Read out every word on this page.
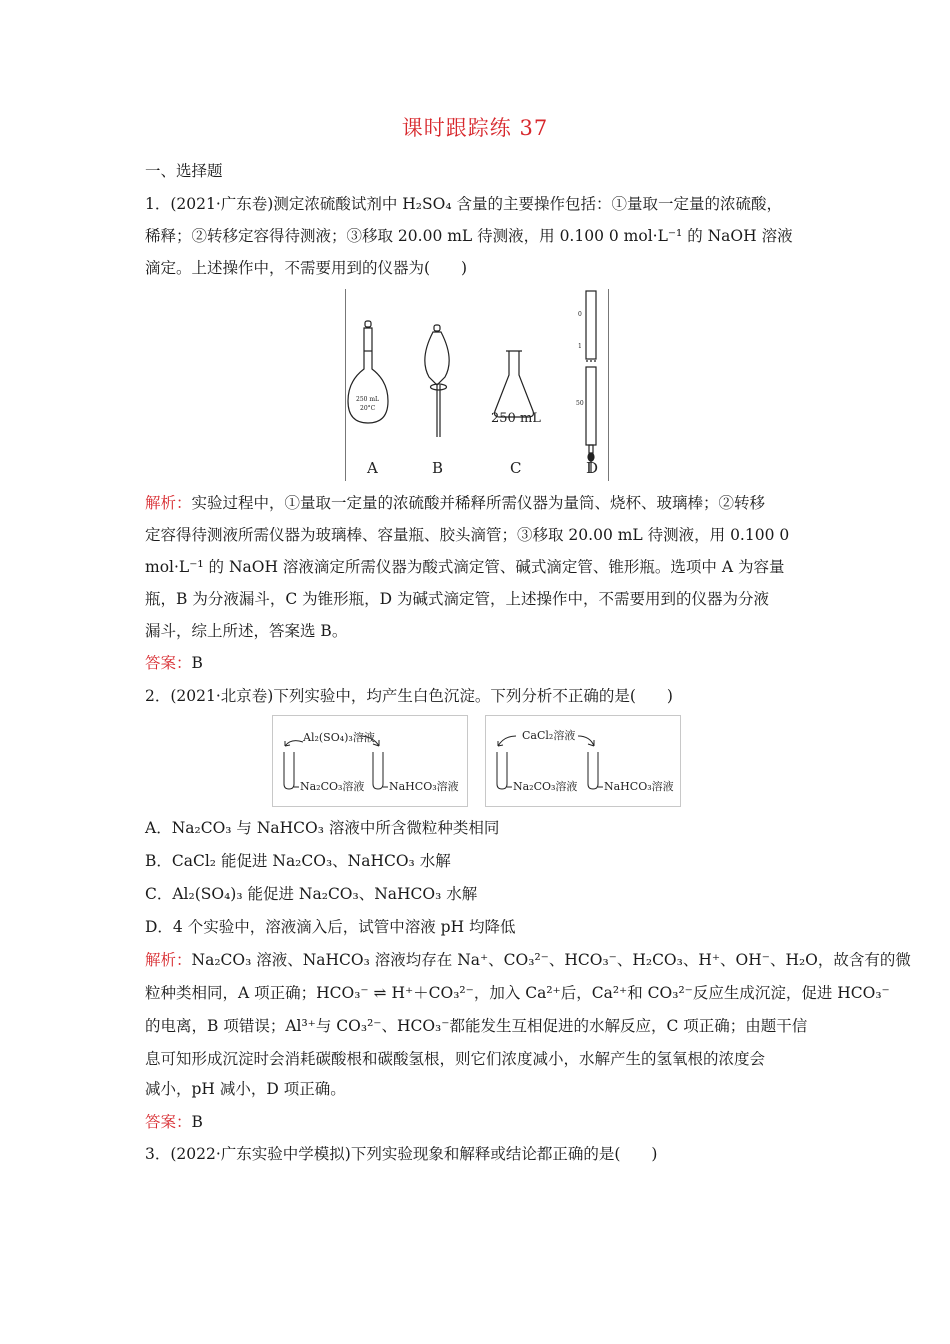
课时跟踪练 37
一、选择题
1．(2021·广东卷)测定浓硫酸试剂中 H₂SO₄ 含量的主要操作包括：①量取一定量的浓硫酸，
稀释；②转移定容得待测液；③移取 20.00 mL 待测液，用 0.100 0 mol·L⁻¹ 的 NaOH 溶液
滴定。上述操作中，不需要用到的仪器为(　　)
250 mL
20°C
0
1
50
250 mL
A	B	C	D
解析：实验过程中，①量取一定量的浓硫酸并稀释所需仪器为量筒、烧杯、玻璃棒；②转移
定容得待测液所需仪器为玻璃棒、容量瓶、胶头滴管；③移取 20.00 mL 待测液，用 0.100 0
mol·L⁻¹ 的 NaOH 溶液滴定所需仪器为酸式滴定管、碱式滴定管、锥形瓶。选项中 A 为容量
瓶，B 为分液漏斗，C 为锥形瓶，D 为碱式滴定管，上述操作中，不需要用到的仪器为分液
漏斗，综上所述，答案选 B。
答案：B
2．(2021·北京卷)下列实验中，均产生白色沉淀。下列分析不正确的是(　　)
Al₂(SO₄)₃溶液
Na₂CO₃溶液 NaHCO₃溶液
CaCl₂溶液
Na₂CO₃溶液 NaHCO₃溶液
A．Na₂CO₃ 与 NaHCO₃ 溶液中所含微粒种类相同
B．CaCl₂ 能促进 Na₂CO₃、NaHCO₃ 水解
C．Al₂(SO₄)₃ 能促进 Na₂CO₃、NaHCO₃ 水解
D．4 个实验中，溶液滴入后，试管中溶液 pH 均降低
解析：Na₂CO₃ 溶液、NaHCO₃ 溶液均存在 Na⁺、CO₃²⁻、HCO₃⁻、H₂CO₃、H⁺、OH⁻、H₂O，故含有的微
粒种类相同，A 项正确；HCO₃⁻ ⇌ H⁺＋CO₃²⁻，加入 Ca²⁺后，Ca²⁺和 CO₃²⁻反应生成沉淀，促进 HCO₃⁻
的电离，B 项错误；Al³⁺与 CO₃²⁻、HCO₃⁻都能发生互相促进的水解反应，C 项正确；由题干信
息可知形成沉淀时会消耗碳酸根和碳酸氢根，则它们浓度减小，水解产生的氢氧根的浓度会
减小，pH 减小，D 项正确。
答案：B
3．(2022·广东实验中学模拟)下列实验现象和解释或结论都正确的是(　　)
